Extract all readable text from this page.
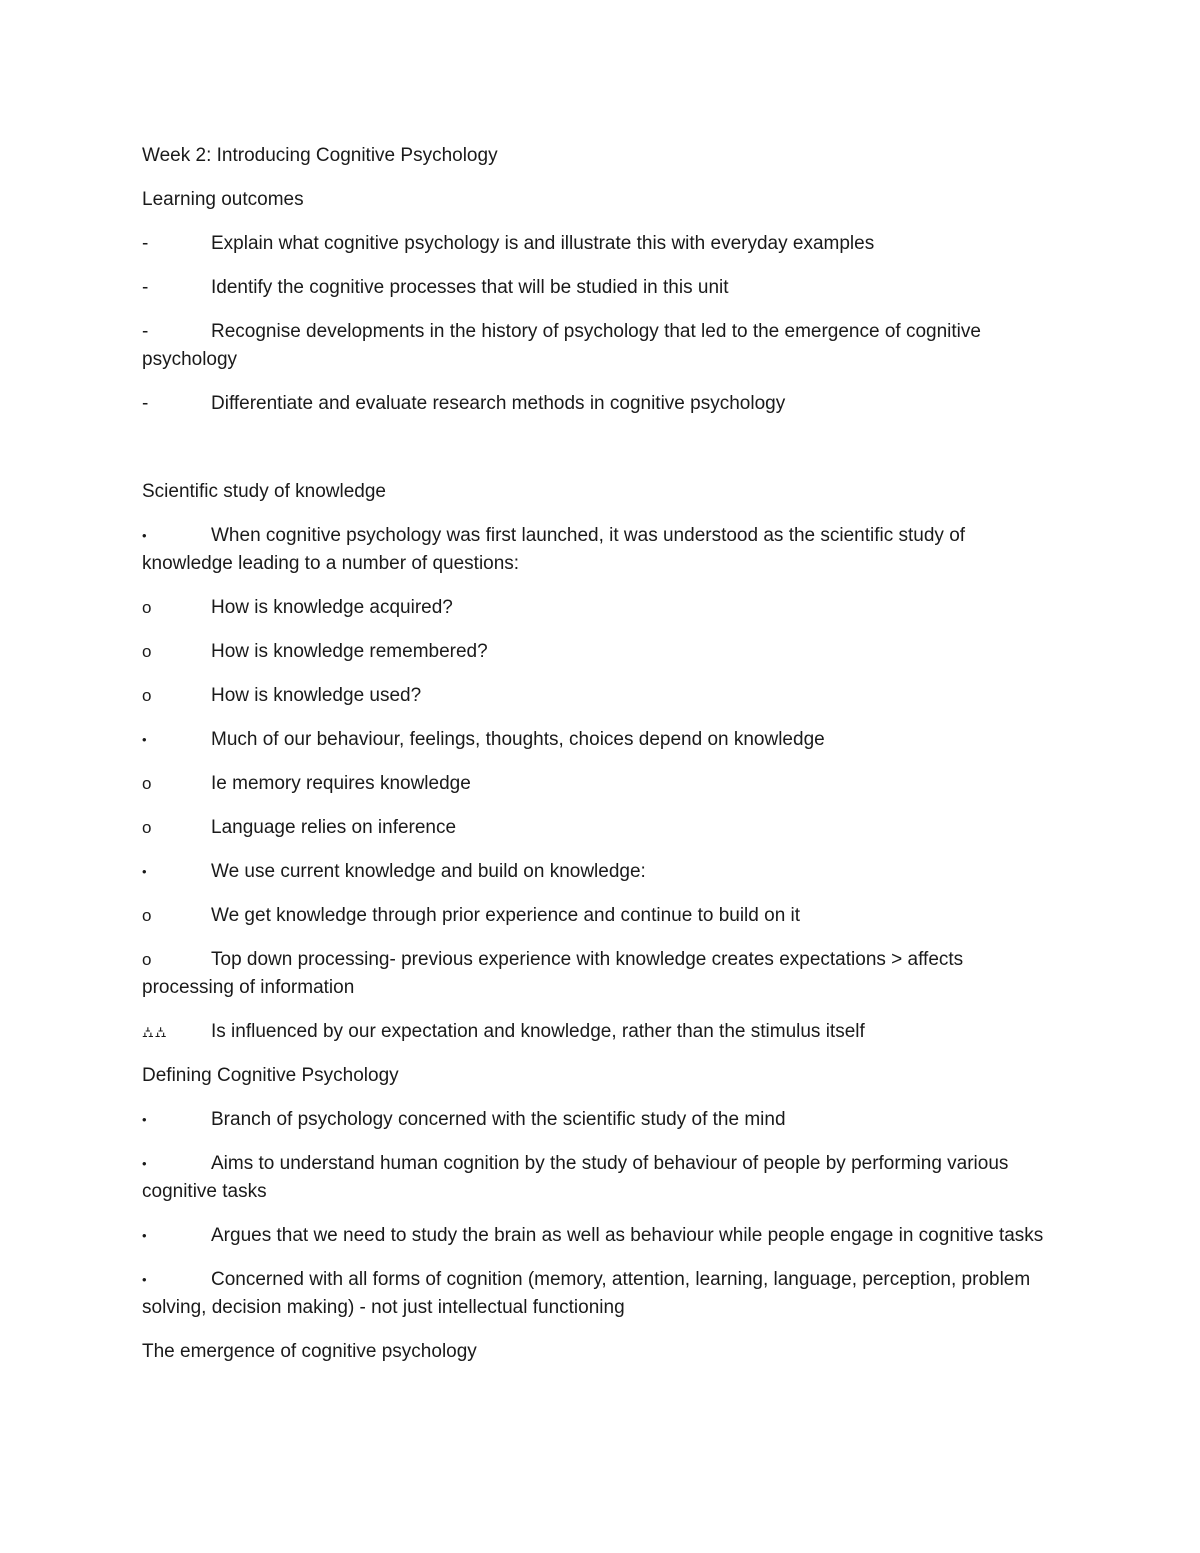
Week 2: Introducing Cognitive Psychology

Learning outcomes

-	Explain what cognitive psychology is and illustrate this with everyday examples

-	Identify the cognitive processes that will be studied in this unit

-	Recognise developments in the history of psychology that led to the emergence of cognitive psychology

-	Differentiate and evaluate research methods in cognitive psychology

Scientific study of knowledge

•	When cognitive psychology was first launched, it was understood as the scientific study of knowledge leading to a number of questions:

o	How is knowledge acquired?

o	How is knowledge remembered?

o	How is knowledge used?

•	Much of our behaviour, feelings, thoughts, choices depend on knowledge

o	Ie memory requires knowledge

o	Language relies on inference

•	We use current knowledge and build on knowledge:

o	We get knowledge through prior experience and continue to build on it

o	Top down processing- previous experience with knowledge creates expectations > affects processing of information

⛼⛼ Is influenced by our expectation and knowledge, rather than the stimulus itself

Defining Cognitive Psychology

•	Branch of psychology concerned with the scientific study of the mind

•	Aims to understand human cognition by the study of behaviour of people by performing various cognitive tasks

•	Argues that we need to study the brain as well as behaviour while people engage in cognitive tasks

•	Concerned with all forms of cognition (memory, attention, learning, language, perception, problem solving, decision making) - not just intellectual functioning

The emergence of cognitive psychology
